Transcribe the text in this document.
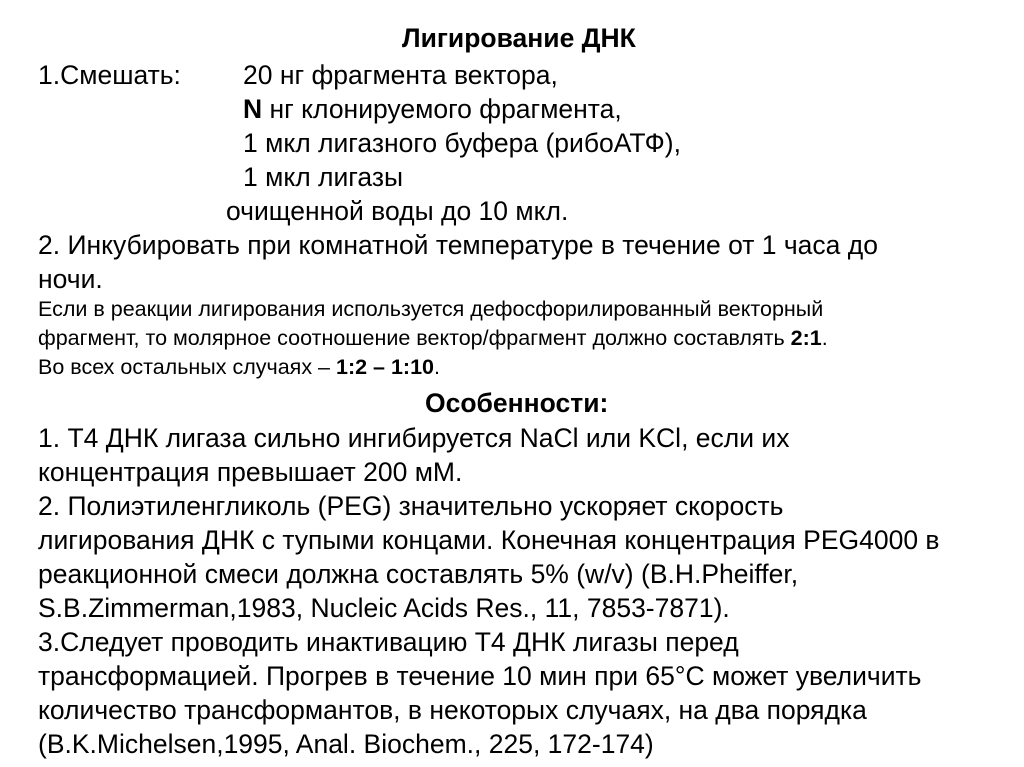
Лигирование ДНК
1.Смешать: 20 нг фрагмента вектора,
N нг клонируемого фрагмента,
1 мкл лигазного буфера (рибоАТФ),
1 мкл лигазы
очищенной воды до 10 мкл.
2. Инкубировать при комнатной температуре в течение от 1 часа до
ночи.
Если в реакции лигирования используется дефосфорилированный векторный
фрагмент, то молярное соотношение вектор/фрагмент должно составлять 2:1.
Во всех остальных случаях – 1:2 – 1:10.
Особенности:
1. Т4 ДНК лигаза сильно ингибируется NaCl или KCl, если их
концентрация превышает 200 мМ.
2. Полиэтиленгликоль (PEG) значительно ускоряет скорость
лигирования ДНК с тупыми концами. Конечная концентрация PEG4000 в
реакционной смеси должна составлять 5% (w/v) (B.H.Pheiffer,
S.B.Zimmerman,1983, Nucleic Acids Res., 11, 7853-7871).
3.Следует проводить инактивацию Т4 ДНК лигазы перед
трансформацией. Прогрев в течение 10 мин при 65°C может увеличить
количество трансформантов, в некоторых случаях, на два порядка
(B.K.Michelsen,1995, Anal. Biochem., 225, 172-174)
